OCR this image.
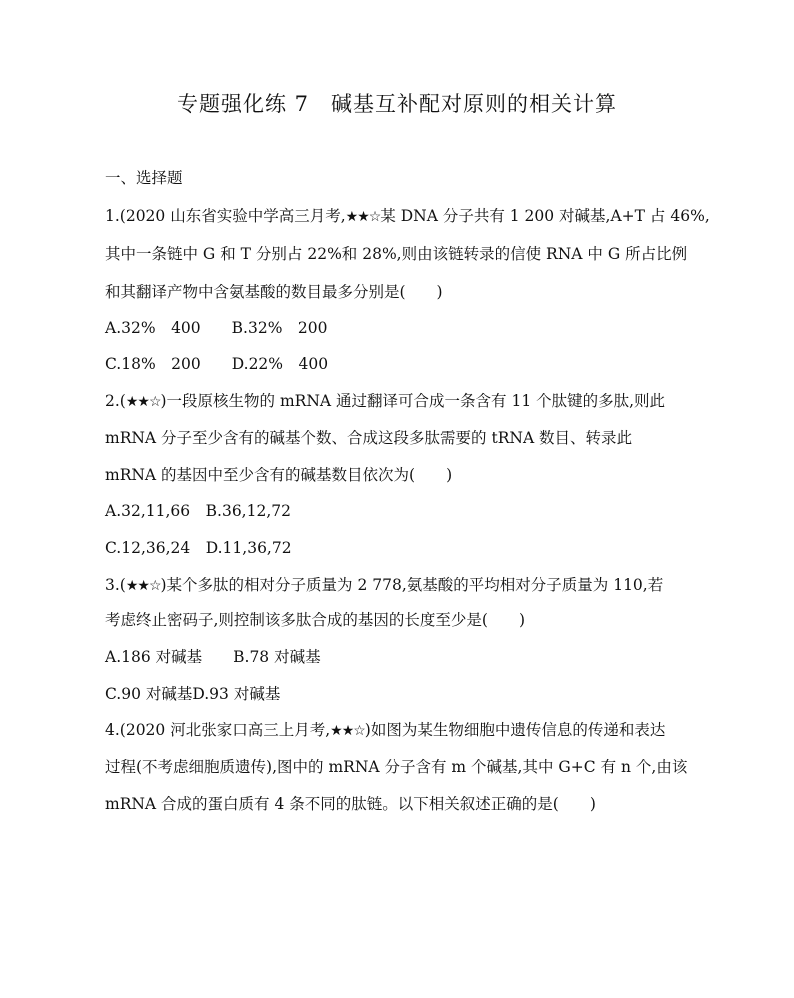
专题强化练 7　碱基互补配对原则的相关计算
一、选择题
1.(2020 山东省实验中学高三月考,★★☆某 DNA 分子共有 1 200 对碱基,A+T 占 46%,
其中一条链中 G 和 T 分别占 22%和 28%,则由该链转录的信使 RNA 中 G 所占比例
和其翻译产物中含氨基酸的数目最多分别是(　　)
A.32%　400　　B.32%　200
C.18%　200　　D.22%　400
2.(★★☆)一段原核生物的 mRNA 通过翻译可合成一条含有 11 个肽键的多肽,则此
mRNA 分子至少含有的碱基个数、合成这段多肽需要的 tRNA 数目、转录此
mRNA 的基因中至少含有的碱基数目依次为(　　)
A.32,11,66　B.36,12,72
C.12,36,24　D.11,36,72
3.(★★☆)某个多肽的相对分子质量为 2 778,氨基酸的平均相对分子质量为 110,若
考虑终止密码子,则控制该多肽合成的基因的长度至少是(　　)
A.186 对碱基　　B.78 对碱基
C.90 对碱基D.93 对碱基
4.(2020 河北张家口高三上月考,★★☆)如图为某生物细胞中遗传信息的传递和表达
过程(不考虑细胞质遗传),图中的 mRNA 分子含有 m 个碱基,其中 G+C 有 n 个,由该
mRNA 合成的蛋白质有 4 条不同的肽链。以下相关叙述正确的是(　　)
